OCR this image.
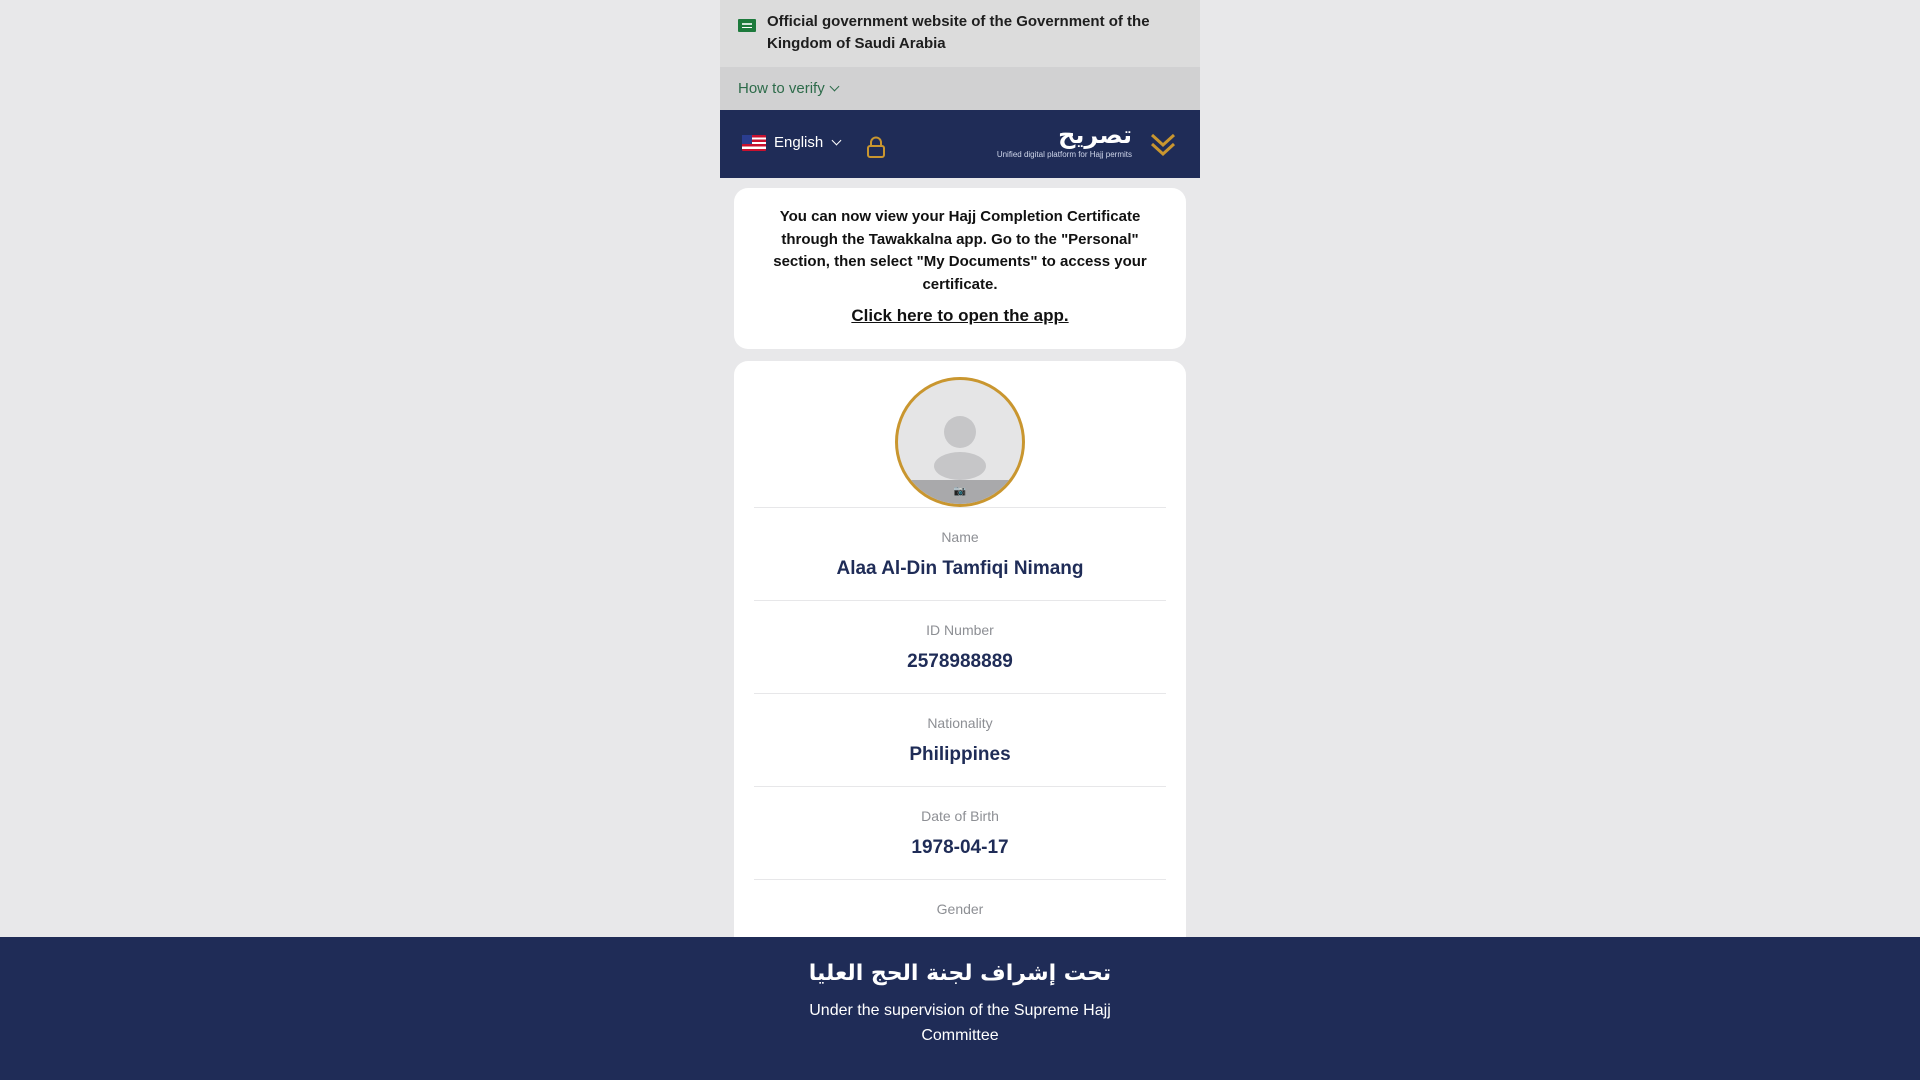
Official government website of the Government of the Kingdom of Saudi Arabia
How to verify
English	تصريح
Unified digital platform for Hajj permits
You can now view your Hajj Completion Certificate through the Tawakkalna app. Go to the "Personal" section, then select "My Documents" to access your certificate.
Click here to open the app.
📷
Name
Alaa Al-Din Tamfiqi Nimang
ID Number
2578988889
Nationality
Philippines
Date of Birth
1978-04-17
Gender
تحت إشراف لجنة الحج العليا
Under the supervision of the Supreme Hajj Committee
